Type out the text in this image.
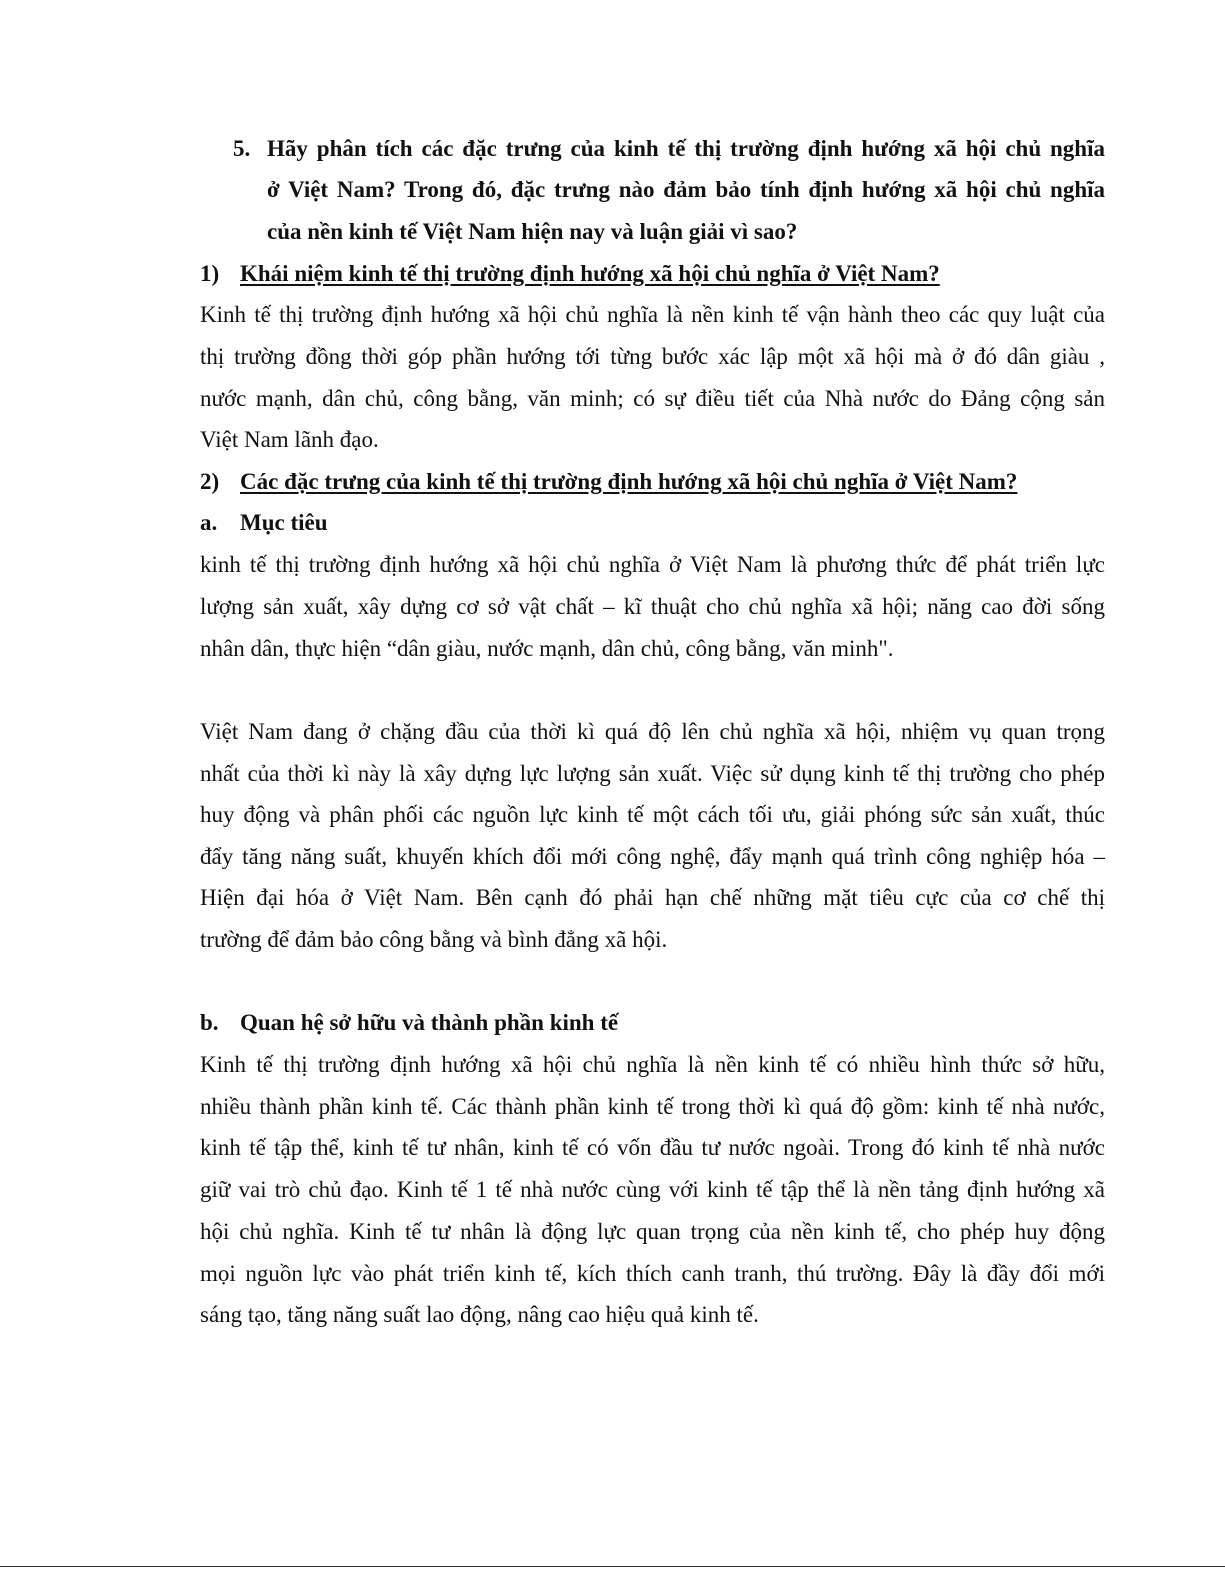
5. Hãy phân tích các đặc trưng của kinh tế thị trường định hướng xã hội chủ nghĩa
ở Việt Nam? Trong đó, đặc trưng nào đảm bảo tính định hướng xã hội chủ nghĩa
của nền kinh tế Việt Nam hiện nay và luận giải vì sao?
1) Khái niệm kinh tế thị trường định hướng xã hội chủ nghĩa ở Việt Nam?
Kinh tế thị trường định hướng xã hội chủ nghĩa là nền kinh tế vận hành theo các quy luật của
thị trường đồng thời góp phần hướng tới từng bước xác lập một xã hội mà ở đó dân giàu ,
nước mạnh, dân chủ, công bằng, văn minh; có sự điều tiết của Nhà nước do Đảng cộng sản
Việt Nam lãnh đạo.
2) Các đặc trưng của kinh tế thị trường định hướng xã hội chủ nghĩa ở Việt Nam?
a. Mục tiêu
kinh tế thị trường định hướng xã hội chủ nghĩa ở Việt Nam là phương thức để phát triển lực
lượng sản xuất, xây dựng cơ sở vật chất – kĩ thuật cho chủ nghĩa xã hội; năng cao đời sống
nhân dân, thực hiện “dân giàu, nước mạnh, dân chủ, công bằng, văn minh".
Việt Nam đang ở chặng đầu của thời kì quá độ lên chủ nghĩa xã hội, nhiệm vụ quan trọng
nhất của thời kì này là xây dựng lực lượng sản xuất. Việc sử dụng kinh tế thị trường cho phép
huy động và phân phối các nguồn lực kinh tế một cách tối ưu, giải phóng sức sản xuất, thúc
đẩy tăng năng suất, khuyến khích đổi mới công nghệ, đẩy mạnh quá trình công nghiệp hóa –
Hiện đại hóa ở Việt Nam. Bên cạnh đó phải hạn chế những mặt tiêu cực của cơ chế thị
trường để đảm bảo công bằng và bình đẳng xã hội.
b. Quan hệ sở hữu và thành phần kinh tế
Kinh tế thị trường định hướng xã hội chủ nghĩa là nền kinh tế có nhiều hình thức sở hữu,
nhiều thành phần kinh tế. Các thành phần kinh tế trong thời kì quá độ gồm: kinh tế nhà nước,
kinh tế tập thể, kinh tế tư nhân, kinh tế có vốn đầu tư nước ngoài. Trong đó kinh tế nhà nước
giữ vai trò chủ đạo. Kinh tế 1 tế nhà nước cùng với kinh tế tập thể là nền tảng định hướng xã
hội chủ nghĩa. Kinh tế tư nhân là động lực quan trọng của nền kinh tế, cho phép huy động
mọi nguồn lực vào phát triển kinh tế, kích thích canh tranh, thú trường. Đây là đầy đổi mới
sáng tạo, tăng năng suất lao động, nâng cao hiệu quả kinh tế.
